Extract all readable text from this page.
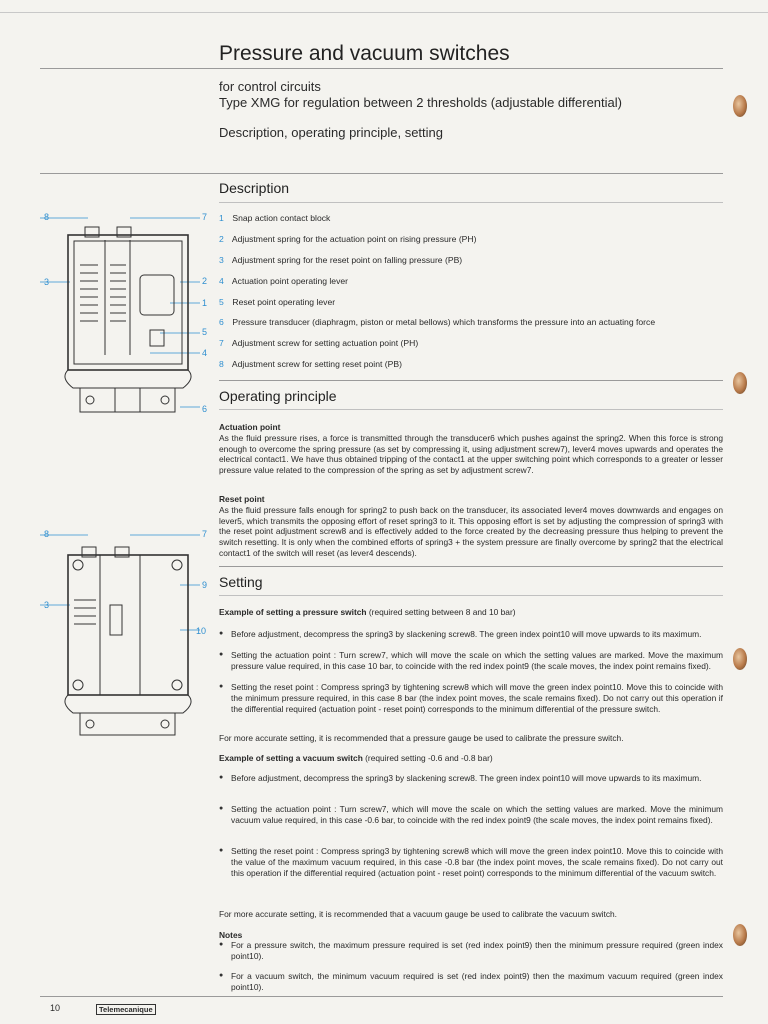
Pressure and vacuum switches
for control circuits
Type XMG for regulation between 2 thresholds (adjustable differential)
Description, operating principle, setting
Description
1 Snap action contact block
2 Adjustment spring for the actuation point on rising pressure (PH)
3 Adjustment spring for the reset point on falling pressure (PB)
4 Actuation point operating lever
5 Reset point operating lever
6 Pressure transducer (diaphragm, piston or metal bellows) which transforms the pressure into an actuating force
7 Adjustment screw for setting actuation point (PH)
8 Adjustment screw for setting reset point (PB)
Operating principle
Actuation point
As the fluid pressure rises, a force is transmitted through the transducer6 which pushes against the spring2. When this force is strong enough to overcome the spring pressure (as set by compressing it, using adjustment screw7), lever4 moves upwards and operates the electrical contact1. We have thus obtained tripping of the contact1 at the upper switching point which corresponds to a greater or lesser pressure value related to the compression of the spring as set by adjustment screw7.
Reset point
As the fluid pressure falls enough for spring2 to push back on the transducer, its associated lever4 moves downwards and engages on lever5, which transmits the opposing effort of reset spring3 to it. This opposing effort is set by adjusting the compression of spring3 with the reset point adjustment screw8 and is effectively added to the force created by the decreasing pressure thus helping to prevent the switch resetting. It is only when the combined efforts of spring3 + the system pressure are finally overcome by spring2 that the electrical contact1 of the switch will reset (as lever4 descends).
Setting
Example of setting a pressure switch (required setting between 8 and 10 bar)
● Before adjustment, decompress the spring3 by slackening screw8. The green index point10 will move upwards to its maximum.
● Setting the actuation point : Turn screw7, which will move the scale on which the setting values are marked. Move the maximum pressure value required, in this case 10 bar, to coincide with the red index point9 (the scale moves, the index point remains fixed).
● Setting the reset point : Compress spring3 by tightening screw8 which will move the green index point10. Move this to coincide with the minimum pressure required, in this case 8 bar (the index point moves, the scale remains fixed). Do not carry out this operation if the differential required (actuation point - reset point) corresponds to the minimum differential of the pressure switch.
For more accurate setting, it is recommended that a pressure gauge be used to calibrate the pressure switch.
Example of setting a vacuum switch (required setting -0.6 and -0.8 bar)
● Before adjustment, decompress the spring3 by slackening screw8. The green index point10 will move upwards to its maximum.
● Setting the actuation point : Turn screw7, which will move the scale on which the setting values are marked. Move the minimum vacuum value required, in this case -0.6 bar, to coincide with the red index point9 (the scale moves, the index point remains fixed).
● Setting the reset point : Compress spring3 by tightening screw8 which will move the green index point10. Move this to coincide with the value of the maximum vacuum required, in this case -0.8 bar (the index point moves, the scale remains fixed). Do not carry out this operation if the differential required (actuation point - reset point) corresponds to the minimum differential of the vacuum switch.
For more accurate setting, it is recommended that a vacuum gauge be used to calibrate the vacuum switch.
Notes
● For a pressure switch, the maximum pressure required is set (red index point9) then the minimum pressure required (green index point10).
● For a vacuum switch, the minimum vacuum required is set (red index point9) then the maximum vacuum required (green index point10).
10	Telemecanique
8	7
3	2
1
5
4
6
8	7
9
3
10
